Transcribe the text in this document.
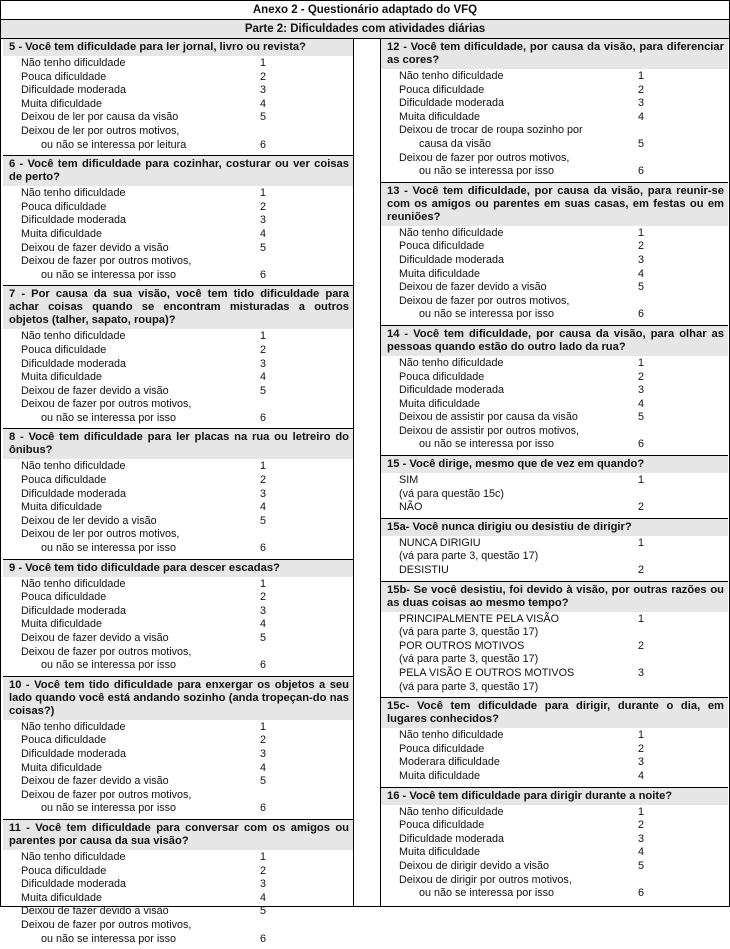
Anexo 2 - Questionário adaptado do VFQ
Parte 2: Dificuldades com atividades diárias
5 - Você tem dificuldade para ler jornal, livro ou revista?
Não tenho dificuldade	1
Pouca dificuldade	2
Dificuldade moderada	3
Muita dificuldade	4
Deixou de ler por causa da visão	5
Deixou de ler por outros motivos,
ou não se interessa por leitura	6
6 - Você tem dificuldade para cozinhar, costurar ou ver coisas de perto?
Não tenho dificuldade	1
Pouca dificuldade	2
Dificuldade moderada	3
Muita dificuldade	4
Deixou de fazer devido a visão	5
Deixou de fazer por outros motivos,
ou não se interessa por isso	6
7 - Por causa da sua visão, você tem tido dificuldade para achar coisas quando se encontram misturadas a outros objetos (talher, sapato, roupa)?
Não tenho dificuldade	1
Pouca dificuldade	2
Dificuldade moderada	3
Muita dificuldade	4
Deixou de fazer devido a visão	5
Deixou de fazer por outros motivos,
ou não se interessa por isso	6
8 - Você tem dificuldade para ler placas na rua ou letreiro do ônibus?
Não tenho dificuldade	1
Pouca dificuldade	2
Dificuldade moderada	3
Muita dificuldade	4
Deixou de ler devido a visão	5
Deixou de ler por outros motivos,
ou não se interessa por isso	6
9 - Você tem tido dificuldade para descer escadas?
Não tenho dificuldade	1
Pouca dificuldade	2
Dificuldade moderada	3
Muita dificuldade	4
Deixou de fazer devido a visão	5
Deixou de fazer por outros motivos,
ou não se interessa por isso	6
10 - Você tem tido dificuldade para enxergar os objetos a seu lado quando você está andando sozinho (anda tropeçan-do nas coisas?)
Não tenho dificuldade	1
Pouca dificuldade	2
Dificuldade moderada	3
Muita dificuldade	4
Deixou de fazer devido a visão	5
Deixou de fazer por outros motivos,
ou não se interessa por isso	6
11 - Você tem dificuldade para conversar com os amigos ou parentes por causa da sua visão?
Não tenho dificuldade	1
Pouca dificuldade	2
Dificuldade moderada	3
Muita dificuldade	4
Deixou de fazer devido a visão	5
Deixou de fazer por outros motivos,
ou não se interessa por isso	6
12 - Você tem dificuldade, por causa da visão, para diferenciar as cores?
Não tenho dificuldade	1
Pouca dificuldade	2
Dificuldade moderada	3
Muita dificuldade	4
Deixou de trocar de roupa sozinho por
causa da visão	5
Deixou de fazer por outros motivos,
ou não se interessa por isso	6
13 - Você tem dificuldade, por causa da visão, para reunir-se com os amigos ou parentes em suas casas, em festas ou em reuniões?
Não tenho dificuldade	1
Pouca dificuldade	2
Dificuldade moderada	3
Muita dificuldade	4
Deixou de fazer devido a visão	5
Deixou de fazer por outros motivos,
ou não se interessa por isso	6
14 - Você tem dificuldade, por causa da visão, para olhar as pessoas quando estão do outro lado da rua?
Não tenho dificuldade	1
Pouca dificuldade	2
Dificuldade moderada	3
Muita dificuldade	4
Deixou de assistir por causa da visão	5
Deixou de assistir por outros motivos,
ou não se interessa por isso	6
15 - Você dirige, mesmo que de vez em quando?
SIM	1
(vá para questão 15c)
NÃO	2
15a- Você nunca dirigiu ou desistiu de dirigir?
NUNCA DIRIGIU	1
(vá para parte 3, questão 17)
DESISTIU	2
15b- Se você desistiu, foi devido à visão, por outras razões ou as duas coisas ao mesmo tempo?
PRINCIPALMENTE PELA VISÃO	1
(vá para parte 3, questão 17)
POR OUTROS MOTIVOS	2
(vá para parte 3, questão 17)
PELA VISÃO E OUTROS MOTIVOS	3
(vá para parte 3, questão 17)
15c- Você tem dificuldade para dirigir, durante o dia, em lugares conhecidos?
Não tenho dificuldade	1
Pouca dificuldade	2
Moderara dificuldade	3
Muita dificuldade	4
16 - Você tem dificuldade para dirigir durante a noite?
Não tenho dificuldade	1
Pouca dificuldade	2
Dificuldade moderada	3
Muita dificuldade	4
Deixou de dirigir devido a visão	5
Deixou de dirigir por outros motivos,
ou não se interessa por isso	6
